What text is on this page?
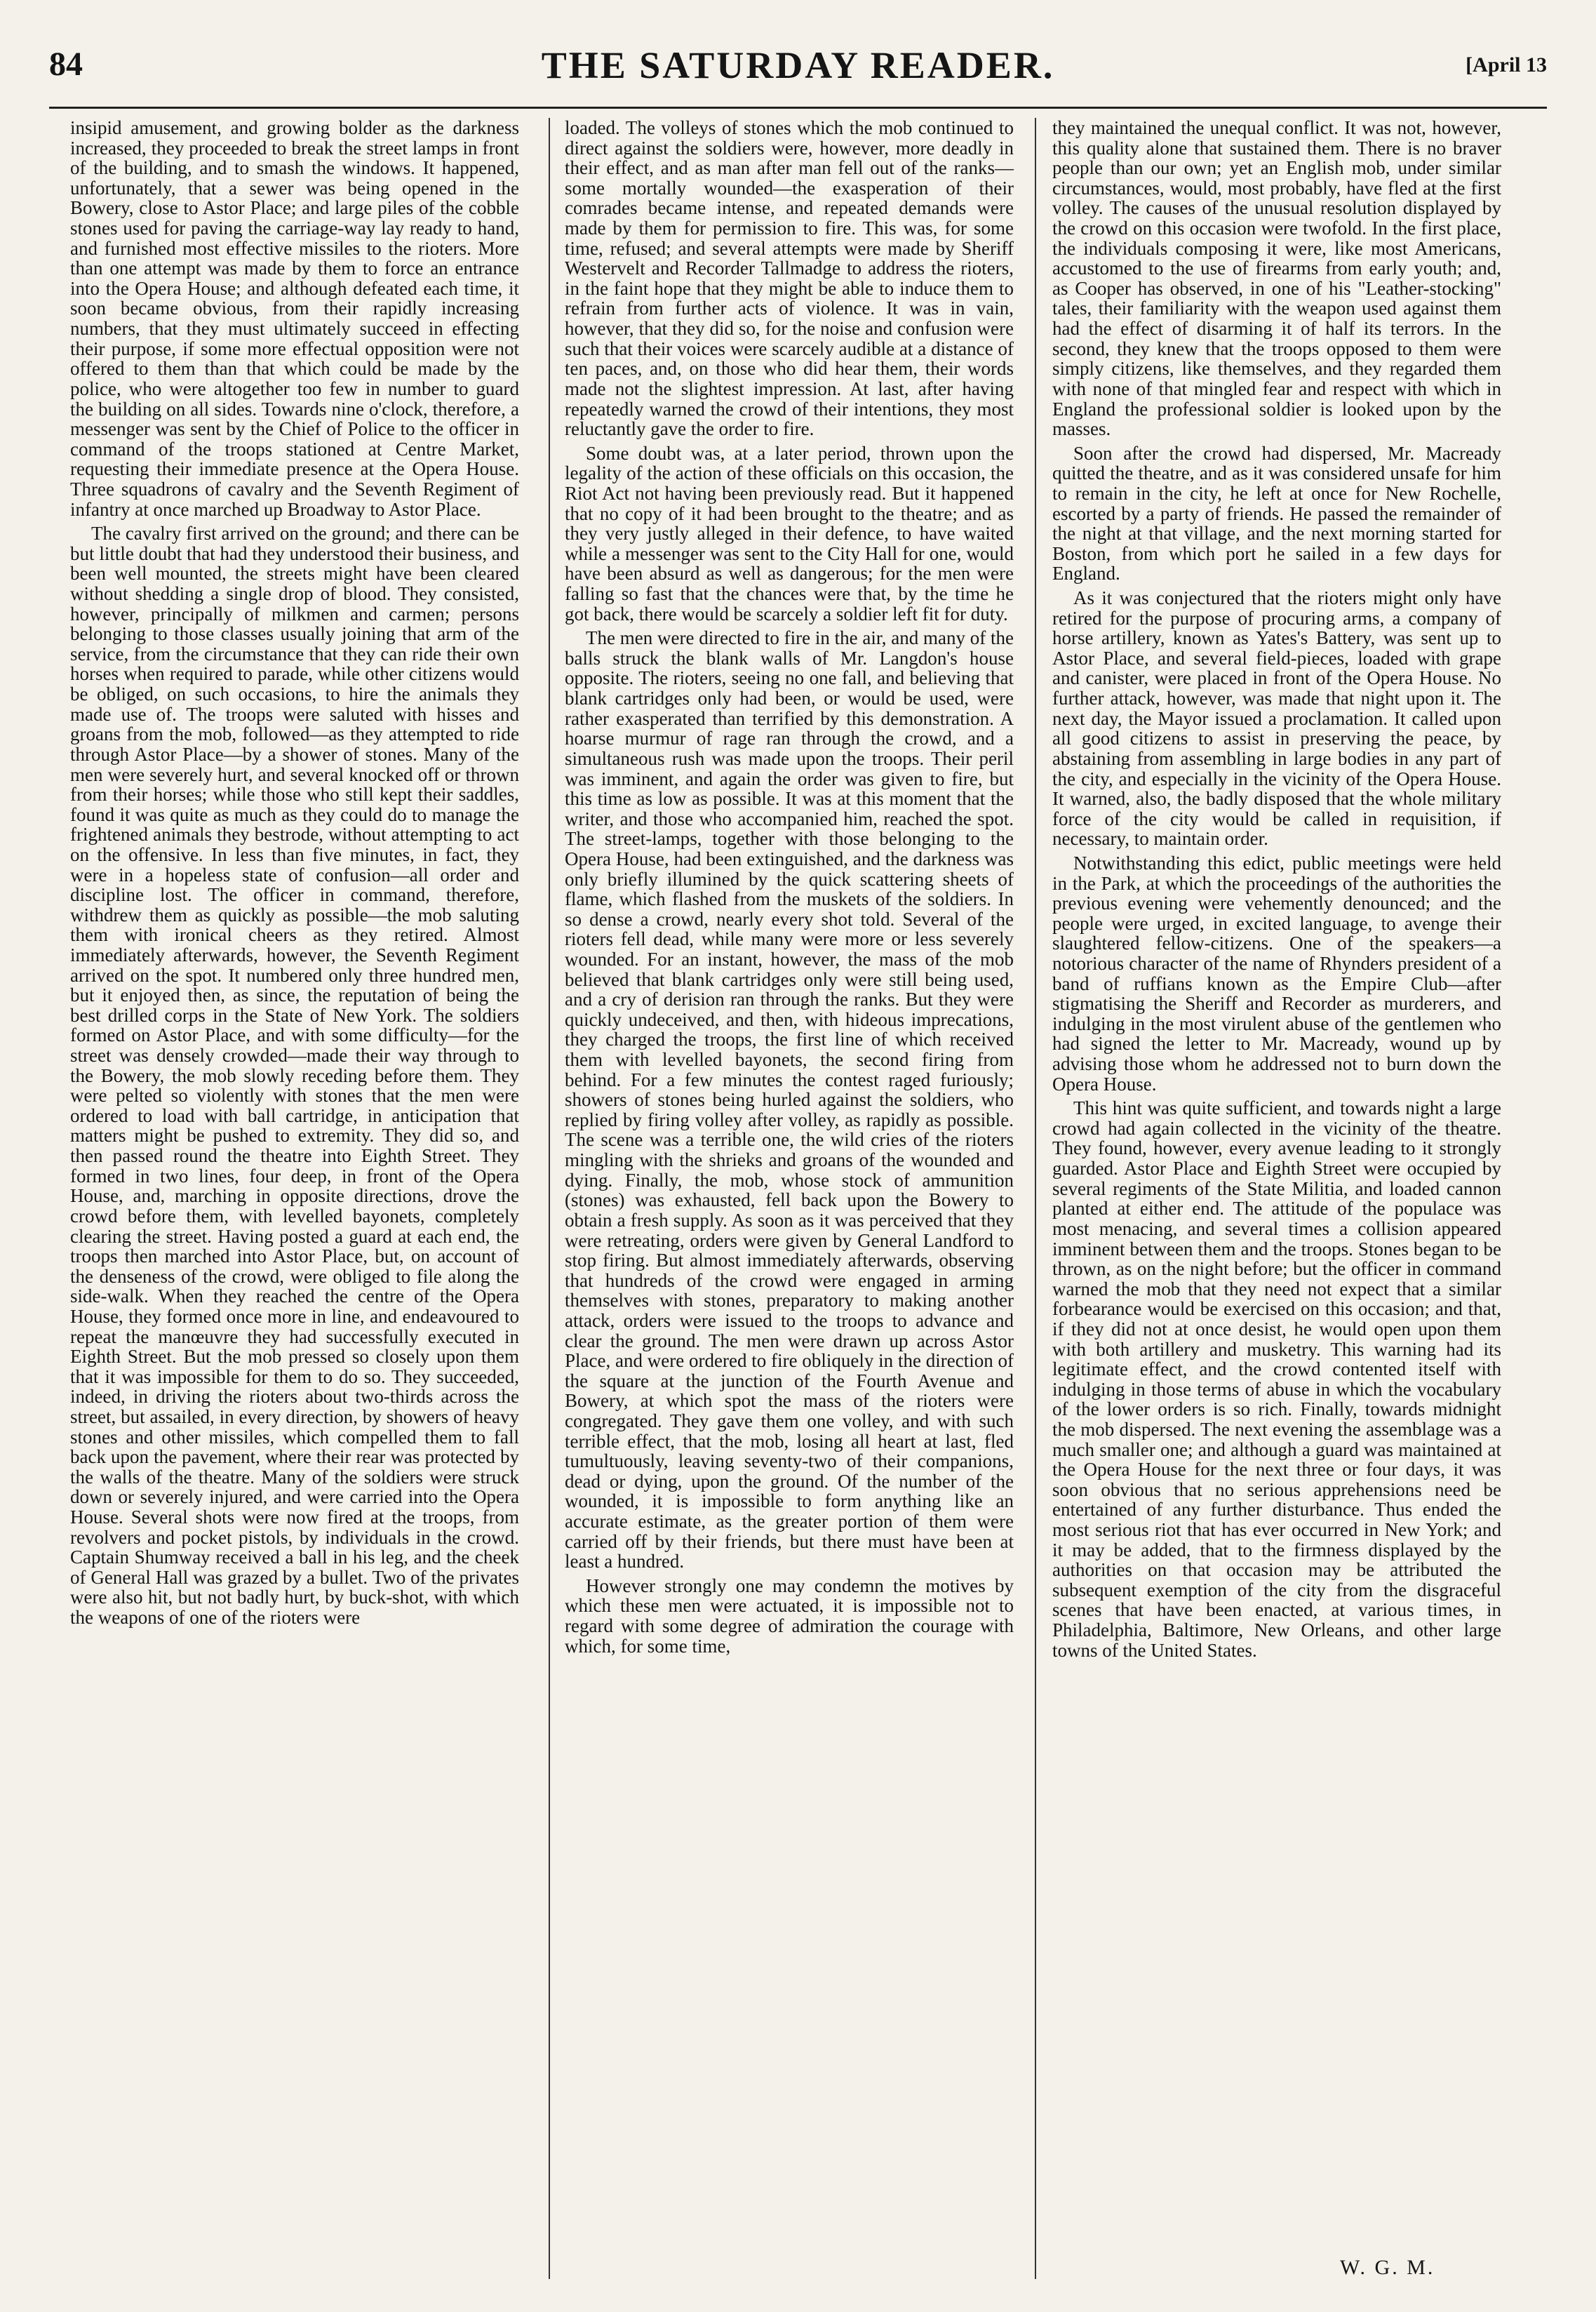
84	THE SATURDAY READER.	[April 13

insipid amusement, and growing bolder as the darkness increased, they proceeded to break the street lamps in front of the building, and to smash the windows. It happened, unfortunately, that a sewer was being opened in the Bowery, close to Astor Place; and large piles of the cobble stones used for paving the carriage-way lay ready to hand, and furnished most effective missiles to the rioters. More than one attempt was made by them to force an entrance into the Opera House; and although defeated each time, it soon became obvious, from their rapidly increasing numbers, that they must ultimately succeed in effecting their purpose, if some more effectual opposition were not offered to them than that which could be made by the police, who were altogether too few in number to guard the building on all sides. Towards nine o'clock, therefore, a messenger was sent by the Chief of Police to the officer in command of the troops stationed at Centre Market, requesting their immediate presence at the Opera House. Three squadrons of cavalry and the Seventh Regiment of infantry at once marched up Broadway to Astor Place.

The cavalry first arrived on the ground; and there can be but little doubt that had they understood their business, and been well mounted, the streets might have been cleared without shedding a single drop of blood. They consisted, however, principally of milkmen and carmen; persons belonging to those classes usually joining that arm of the service, from the circumstance that they can ride their own horses when required to parade, while other citizens would be obliged, on such occasions, to hire the animals they made use of. The troops were saluted with hisses and groans from the mob, followed—as they attempted to ride through Astor Place—by a shower of stones. Many of the men were severely hurt, and several knocked off or thrown from their horses; while those who still kept their saddles, found it was quite as much as they could do to manage the frightened animals they bestrode, without attempting to act on the offensive. In less than five minutes, in fact, they were in a hopeless state of confusion—all order and discipline lost. The officer in command, therefore, withdrew them as quickly as possible—the mob saluting them with ironical cheers as they retired. Almost immediately afterwards, however, the Seventh Regiment arrived on the spot. It numbered only three hundred men, but it enjoyed then, as since, the reputation of being the best drilled corps in the State of New York. The soldiers formed on Astor Place, and with some difficulty—for the street was densely crowded—made their way through to the Bowery, the mob slowly receding before them. They were pelted so violently with stones that the men were ordered to load with ball cartridge, in anticipation that matters might be pushed to extremity. They did so, and then passed round the theatre into Eighth Street. They formed in two lines, four deep, in front of the Opera House, and, marching in opposite directions, drove the crowd before them, with levelled bayonets, completely clearing the street. Having posted a guard at each end, the troops then marched into Astor Place, but, on account of the denseness of the crowd, were obliged to file along the side-walk. When they reached the centre of the Opera House, they formed once more in line, and endeavoured to repeat the manœuvre they had successfully executed in Eighth Street. But the mob pressed so closely upon them that it was impossible for them to do so. They succeeded, indeed, in driving the rioters about two-thirds across the street, but assailed, in every direction, by showers of heavy stones and other missiles, which compelled them to fall back upon the pavement, where their rear was protected by the walls of the theatre. Many of the soldiers were struck down or severely injured, and were carried into the Opera House. Several shots were now fired at the troops, from revolvers and pocket pistols, by individuals in the crowd. Captain Shumway received a ball in his leg, and the cheek of General Hall was grazed by a bullet. Two of the privates were also hit, but not badly hurt, by buck-shot, with which the weapons of one of the rioters were

loaded. The volleys of stones which the mob continued to direct against the soldiers were, however, more deadly in their effect, and as man after man fell out of the ranks—some mortally wounded—the exasperation of their comrades became intense, and repeated demands were made by them for permission to fire. This was, for some time, refused; and several attempts were made by Sheriff Westervelt and Recorder Tallmadge to address the rioters, in the faint hope that they might be able to induce them to refrain from further acts of violence. It was in vain, however, that they did so, for the noise and confusion were such that their voices were scarcely audible at a distance of ten paces, and, on those who did hear them, their words made not the slightest impression. At last, after having repeatedly warned the crowd of their intentions, they most reluctantly gave the order to fire.

Some doubt was, at a later period, thrown upon the legality of the action of these officials on this occasion, the Riot Act not having been previously read. But it happened that no copy of it had been brought to the theatre; and as they very justly alleged in their defence, to have waited while a messenger was sent to the City Hall for one, would have been absurd as well as dangerous; for the men were falling so fast that the chances were that, by the time he got back, there would be scarcely a soldier left fit for duty.

The men were directed to fire in the air, and many of the balls struck the blank walls of Mr. Langdon's house opposite. The rioters, seeing no one fall, and believing that blank cartridges only had been, or would be used, were rather exasperated than terrified by this demonstration. A hoarse murmur of rage ran through the crowd, and a simultaneous rush was made upon the troops. Their peril was imminent, and again the order was given to fire, but this time as low as possible. It was at this moment that the writer, and those who accompanied him, reached the spot. The street-lamps, together with those belonging to the Opera House, had been extinguished, and the darkness was only briefly illumined by the quick scattering sheets of flame, which flashed from the muskets of the soldiers. In so dense a crowd, nearly every shot told. Several of the rioters fell dead, while many were more or less severely wounded. For an instant, however, the mass of the mob believed that blank cartridges only were still being used, and a cry of derision ran through the ranks. But they were quickly undeceived, and then, with hideous imprecations, they charged the troops, the first line of which received them with levelled bayonets, the second firing from behind. For a few minutes the contest raged furiously; showers of stones being hurled against the soldiers, who replied by firing volley after volley, as rapidly as possible. The scene was a terrible one, the wild cries of the rioters mingling with the shrieks and groans of the wounded and dying. Finally, the mob, whose stock of ammunition (stones) was exhausted, fell back upon the Bowery to obtain a fresh supply. As soon as it was perceived that they were retreating, orders were given by General Landford to stop firing. But almost immediately afterwards, observing that hundreds of the crowd were engaged in arming themselves with stones, preparatory to making another attack, orders were issued to the troops to advance and clear the ground. The men were drawn up across Astor Place, and were ordered to fire obliquely in the direction of the square at the junction of the Fourth Avenue and Bowery, at which spot the mass of the rioters were congregated. They gave them one volley, and with such terrible effect, that the mob, losing all heart at last, fled tumultuously, leaving seventy-two of their companions, dead or dying, upon the ground. Of the number of the wounded, it is impossible to form anything like an accurate estimate, as the greater portion of them were carried off by their friends, but there must have been at least a hundred.

However strongly one may condemn the motives by which these men were actuated, it is impossible not to regard with some degree of admiration the courage with which, for some time,

they maintained the unequal conflict. It was not, however, this quality alone that sustained them. There is no braver people than our own; yet an English mob, under similar circumstances, would, most probably, have fled at the first volley. The causes of the unusual resolution displayed by the crowd on this occasion were twofold. In the first place, the individuals composing it were, like most Americans, accustomed to the use of firearms from early youth; and, as Cooper has observed, in one of his "Leather-stocking" tales, their familiarity with the weapon used against them had the effect of disarming it of half its terrors. In the second, they knew that the troops opposed to them were simply citizens, like themselves, and they regarded them with none of that mingled fear and respect with which in England the professional soldier is looked upon by the masses.

Soon after the crowd had dispersed, Mr. Macready quitted the theatre, and as it was considered unsafe for him to remain in the city, he left at once for New Rochelle, escorted by a party of friends. He passed the remainder of the night at that village, and the next morning started for Boston, from which port he sailed in a few days for England.

As it was conjectured that the rioters might only have retired for the purpose of procuring arms, a company of horse artillery, known as Yates's Battery, was sent up to Astor Place, and several field-pieces, loaded with grape and canister, were placed in front of the Opera House. No further attack, however, was made that night upon it. The next day, the Mayor issued a proclamation. It called upon all good citizens to assist in preserving the peace, by abstaining from assembling in large bodies in any part of the city, and especially in the vicinity of the Opera House. It warned, also, the badly disposed that the whole military force of the city would be called in requisition, if necessary, to maintain order.

Notwithstanding this edict, public meetings were held in the Park, at which the proceedings of the authorities the previous evening were vehemently denounced; and the people were urged, in excited language, to avenge their slaughtered fellow-citizens. One of the speakers—a notorious character of the name of Rhynders president of a band of ruffians known as the Empire Club—after stigmatising the Sheriff and Recorder as murderers, and indulging in the most virulent abuse of the gentlemen who had signed the letter to Mr. Macready, wound up by advising those whom he addressed not to burn down the Opera House.

This hint was quite sufficient, and towards night a large crowd had again collected in the vicinity of the theatre. They found, however, every avenue leading to it strongly guarded. Astor Place and Eighth Street were occupied by several regiments of the State Militia, and loaded cannon planted at either end. The attitude of the populace was most menacing, and several times a collision appeared imminent between them and the troops. Stones began to be thrown, as on the night before; but the officer in command warned the mob that they need not expect that a similar forbearance would be exercised on this occasion; and that, if they did not at once desist, he would open upon them with both artillery and musketry. This warning had its legitimate effect, and the crowd contented itself with indulging in those terms of abuse in which the vocabulary of the lower orders is so rich. Finally, towards midnight the mob dispersed. The next evening the assemblage was a much smaller one; and although a guard was maintained at the Opera House for the next three or four days, it was soon obvious that no serious apprehensions need be entertained of any further disturbance. Thus ended the most serious riot that has ever occurred in New York; and it may be added, that to the firmness displayed by the authorities on that occasion may be attributed the subsequent exemption of the city from the disgraceful scenes that have been enacted, at various times, in Philadelphia, Baltimore, New Orleans, and other large towns of the United States.

W. G. M.
